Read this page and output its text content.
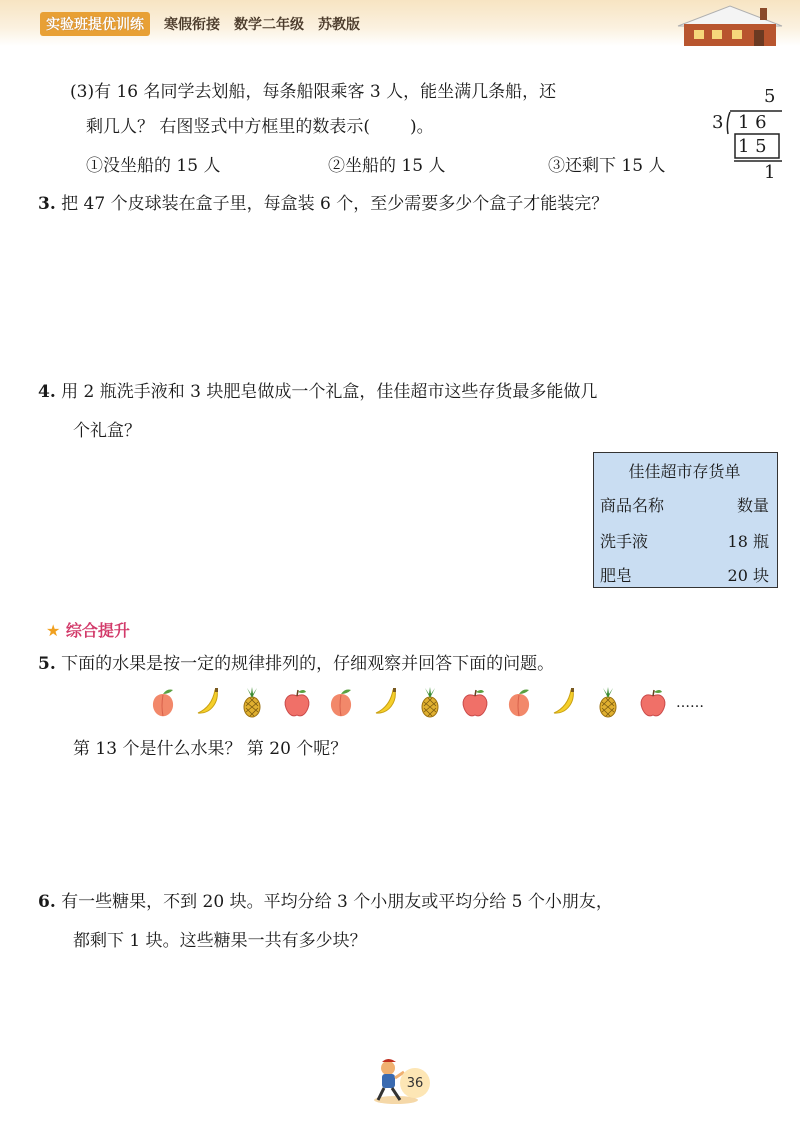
实验班提优训练	寒假衔接 数学二年级 苏教版
(3)有 16 名同学去划船，每条船限乘客 3 人，能坐满几条船，还
剩几人？ 右图竖式中方框里的数表示( )。
①没坐船的 15 人	②坐船的 15 人	③还剩下 15 人
5
3 1 6
1 5
1
3. 把 47 个皮球装在盒子里，每盒装 6 个，至少需要多少个盒子才能装完？
4. 用 2 瓶洗手液和 3 块肥皂做成一个礼盒，佳佳超市这些存货最多能做几
个礼盒？
佳佳超市存货单
商品名称	数量
洗手液	18 瓶
肥皂	20 块
★ 综合提升
5. 下面的水果是按一定的规律排列的，仔细观察并回答下面的问题。
……
第 13 个是什么水果？ 第 20 个呢？
6. 有一些糖果，不到 20 块。平均分给 3 个小朋友或平均分给 5 个小朋友，
都剩下 1 块。这些糖果一共有多少块？
36
